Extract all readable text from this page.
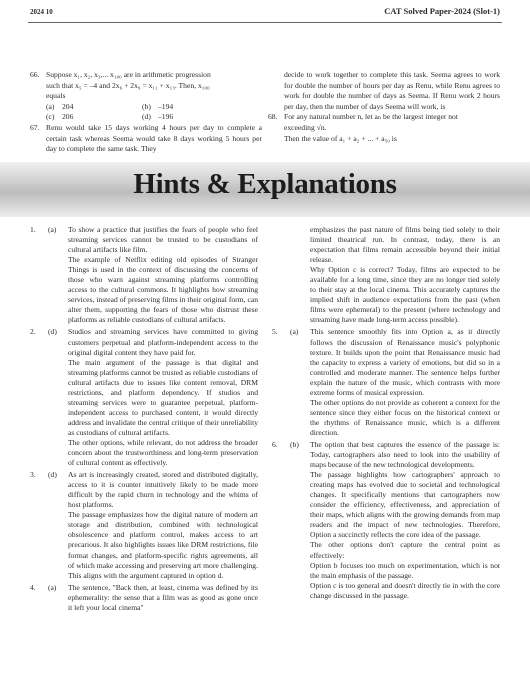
2024 10	CAT Solved Paper-2024 (Slot-1)
66. Suppose x₁, x₂, x₃,... x₁₀₀ are in arithmetic progression
such that x₅ = –4 and 2x₆ + 2x₉ = x₁₁ + x₁₃. Then, x₁₀₀
equals
(a) 204	(b) –194
(c) 206	(d) –196
67. Renu would take 15 days working 4 hours per day to complete a certain task whereas Seema would take 8 days working 5 hours per day to complete the same task. They
decide to work together to complete this task. Seema agrees to work for double the number of hours per day as Renu, while Renu agrees to work for double the number of days as Seema. If Renu work 2 hours per day, then the number of days Seema will work, is
68. For any natural number n, let aₙ be the largest integer not
exceeding √n.
Then the value of a₁ + a₂ + ... + a₅₀ is
Hints & Explanations
1.	(a)	To show a practice that justifies the fears of people who feel streaming services cannot be trusted to be custodians of cultural artifacts like film.
The example of Netflix editing old episodes of Stranger Things is used in the context of discussing the concerns of those who warn against streaming platforms controlling access to the cultural commons. It highlights how streaming services, instead of preserving films in their original form, can alter them, supporting the fears of those who distrust these platforms as reliable custodians of cultural artifacts.
2.	(d)	Studios and streaming services have committed to giving customers perpetual and platform-independent access to the original digital content they have paid for.
The main argument of the passage is that digital and streaming platforms cannot be trusted as reliable custodians of cultural artifacts due to issues like content removal, DRM restrictions, and platform dependency. If studios and streaming services were to guarantee perpetual, platform-independent access to purchased content, it would directly address and invalidate the central critique of their unreliability as custodians of cultural artifacts.
The other options, while relevant, do not address the broader concern about the trustworthiness and long-term preservation of cultural content as effectively.
3.	(d)	As art is increasingly created, stored and distributed digitally, access to it is counter intuitively likely to be made more difficult by the rapid churn in technology and the whims of host platforms.
The passage emphasizes how the digital nature of modern art storage and distribution, combined with technological obsolescence and platform control, makes access to art precarious. It also highlights issues like DRM restrictions, file format changes, and platform-specific rights agreements, all of which make accessing and preserving art more challenging. This aligns with the argument captured in option d.
4.	(a)	The sentence, "Back then, at least, cinema was defined by its ephemerality: the sense that a film was as good as gone once it left your local cinema"
emphasizes the past nature of films being tied solely to their limited theatrical run. In contrast, today, there is an expectation that films remain accessible beyond their initial release.
Why Option c is correct? Today, films are expected to be available for a long time, since they are no longer tied solely to their stay at the local cinema. This accurately captures the implied shift in audience expectations from the past (when films were ephemeral) to the present (where technology and streaming have made long-term access possible).
5.	(a)	This sentence smoothly fits into Option a, as it directly follows the discussion of Renaissance music's polyphonic texture. It builds upon the point that Renaissance music had the capacity to express a variety of emotions, but did so in a controlled and moderate manner. The sentence helps further explain the nature of the music, which contrasts with more extreme forms of musical expression.
The other options do not provide as coherent a context for the sentence since they either focus on the historical context or the rhythms of Renaissance music, which is a different direction.
6.	(b)	The option that best captures the essence of the passage is: Today, cartographers also need to look into the usability of maps because of the new technological developments.
The passage highlights how cartographers' approach to creating maps has evolved due to societal and technological changes. It specifically mentions that cartographers now consider the efficiency, effectiveness, and appreciation of their maps, which aligns with the growing demands from map readers and the impact of new technologies. Therefore, Option a succinctly reflects the core idea of the passage.
The other options don't capture the central point as effectively:
Option b focuses too much on experimentation, which is not the main emphasis of the passage.
Option c is too general and doesn't directly tie in with the core change discussed in the passage.
